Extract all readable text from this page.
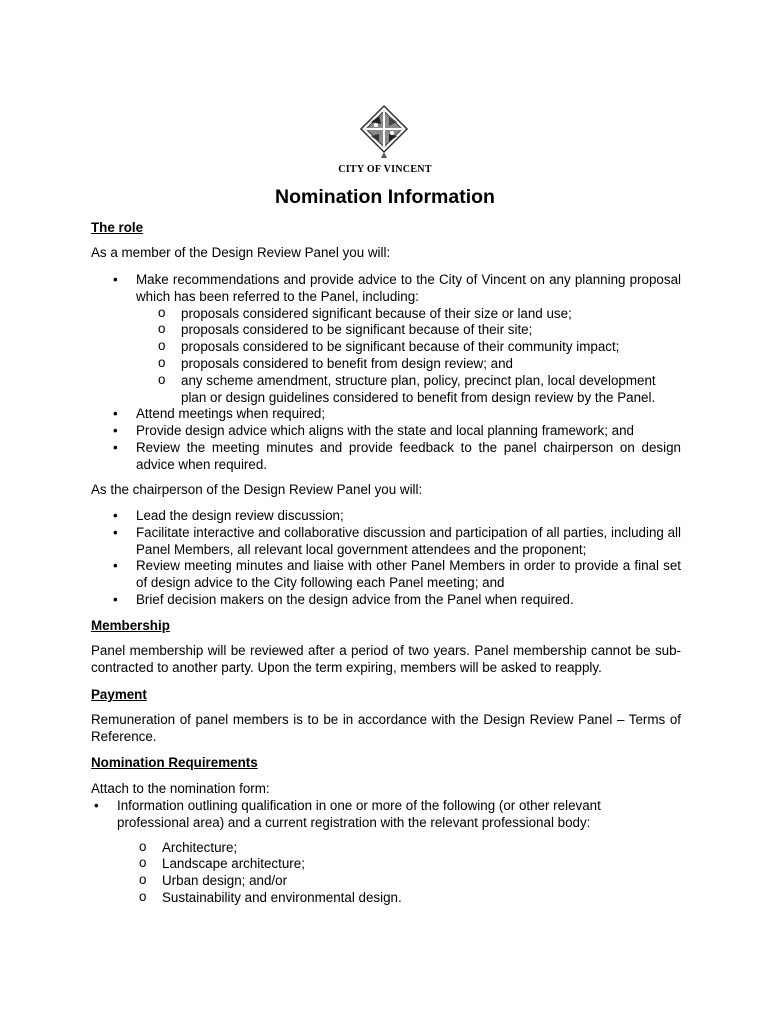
CITY OF VINCENT
Nomination Information
The role
As a member of the Design Review Panel you will:
• Make recommendations and provide advice to the City of Vincent on any planning proposal which has been referred to the Panel, including:
o proposals considered significant because of their size or land use;
o proposals considered to be significant because of their site;
o proposals considered to be significant because of their community impact;
o proposals considered to benefit from design review; and
o any scheme amendment, structure plan, policy, precinct plan, local development plan or design guidelines considered to benefit from design review by the Panel.
• Attend meetings when required;
• Provide design advice which aligns with the state and local planning framework; and
• Review the meeting minutes and provide feedback to the panel chairperson on design advice when required.
As the chairperson of the Design Review Panel you will:
• Lead the design review discussion;
• Facilitate interactive and collaborative discussion and participation of all parties, including all Panel Members, all relevant local government attendees and the proponent;
• Review meeting minutes and liaise with other Panel Members in order to provide a final set of design advice to the City following each Panel meeting; and
• Brief decision makers on the design advice from the Panel when required.
Membership
Panel membership will be reviewed after a period of two years. Panel membership cannot be sub-contracted to another party. Upon the term expiring, members will be asked to reapply.
Payment
Remuneration of panel members is to be in accordance with the Design Review Panel – Terms of Reference.
Nomination Requirements
Attach to the nomination form:
• Information outlining qualification in one or more of the following (or other relevant professional area) and a current registration with the relevant professional body:
o Architecture;
o Landscape architecture;
o Urban design; and/or
o Sustainability and environmental design.
